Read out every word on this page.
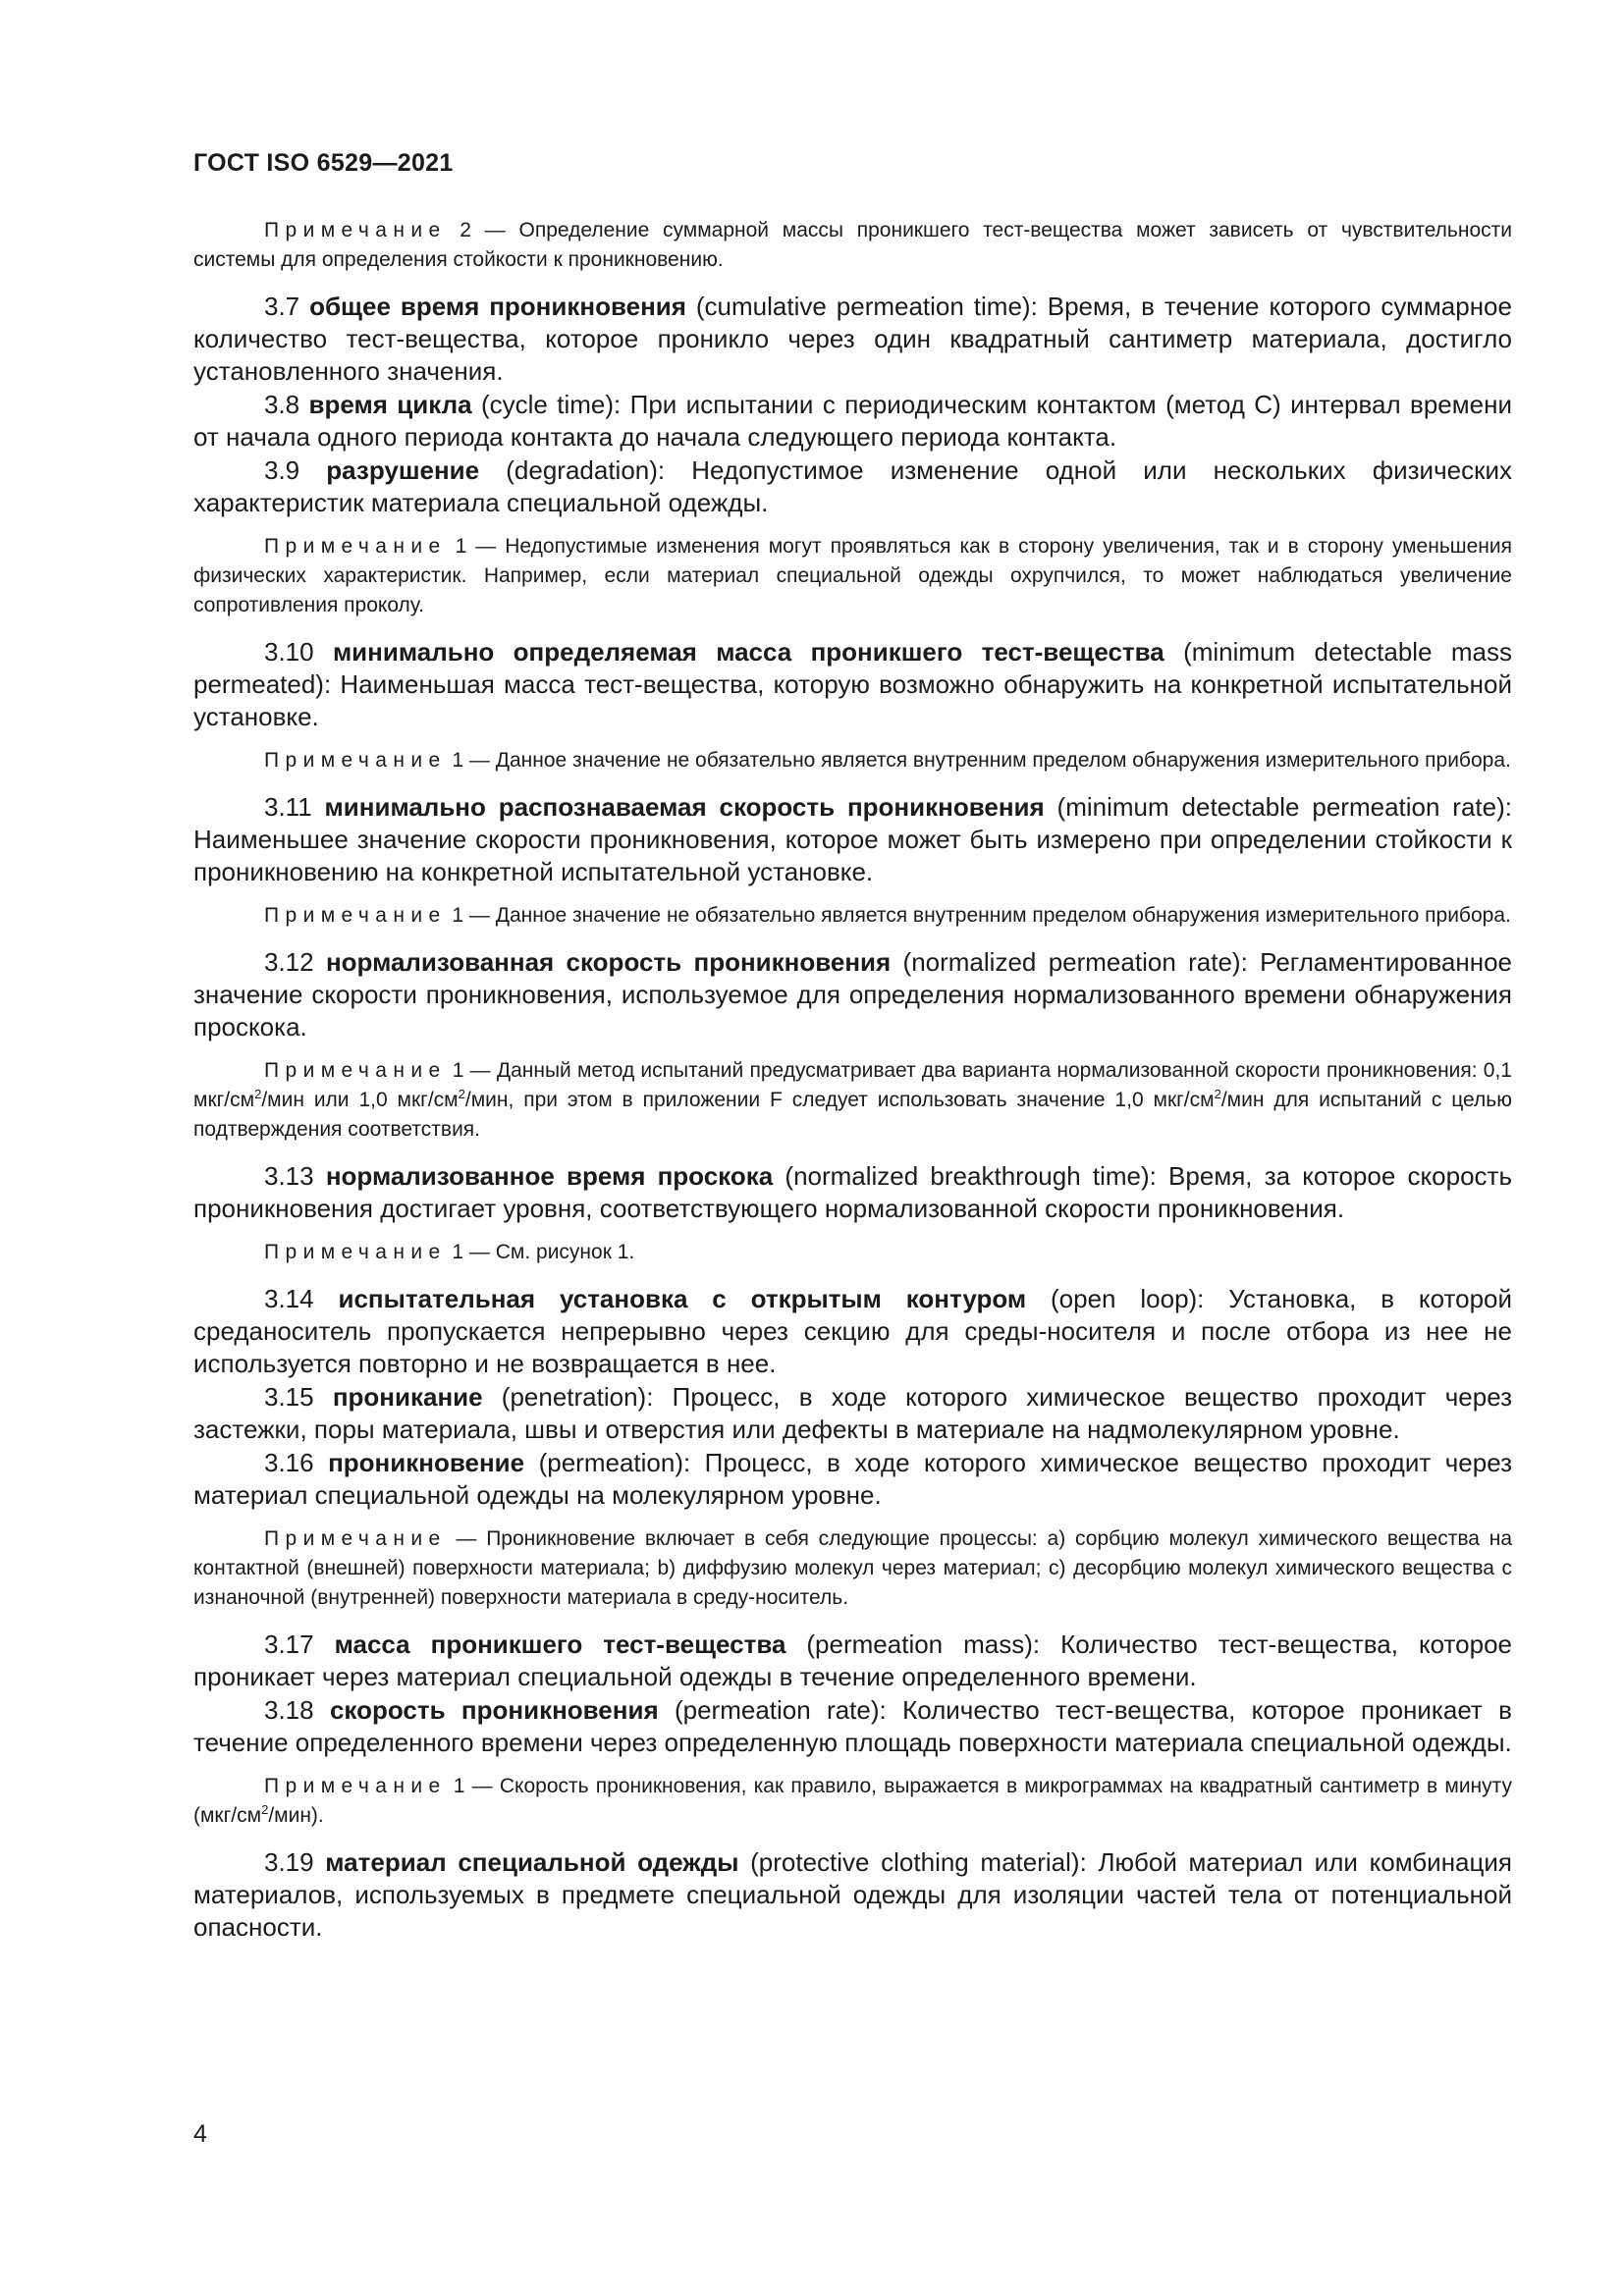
ГОСТ ISO 6529—2021

Примечание 2 — Определение суммарной массы проникшего тест-вещества может зависеть от чувствительности системы для определения стойкости к проникновению.

3.7 общее время проникновения (cumulative permeation time): Время, в течение которого суммарное количество тест-вещества, которое проникло через один квадратный сантиметр материала, достигло установленного значения.

3.8 время цикла (cycle time): При испытании с периодическим контактом (метод С) интервал времени от начала одного периода контакта до начала следующего периода контакта.

3.9 разрушение (degradation): Недопустимое изменение одной или нескольких физических характеристик материала специальной одежды.

Примечание 1 — Недопустимые изменения могут проявляться как в сторону увеличения, так и в сторону уменьшения физических характеристик. Например, если материал специальной одежды охрупчился, то может наблюдаться увеличение сопротивления проколу.

3.10 минимально определяемая масса проникшего тест-вещества (minimum detectable mass permeated): Наименьшая масса тест-вещества, которую возможно обнаружить на конкретной испытательной установке.

Примечание 1 — Данное значение не обязательно является внутренним пределом обнаружения измерительного прибора.

3.11 минимально распознаваемая скорость проникновения (minimum detectable permeation rate): Наименьшее значение скорости проникновения, которое может быть измерено при определении стойкости к проникновению на конкретной испытательной установке.

Примечание 1 — Данное значение не обязательно является внутренним пределом обнаружения измерительного прибора.

3.12 нормализованная скорость проникновения (normalized permeation rate): Регламентированное значение скорости проникновения, используемое для определения нормализованного времени обнаружения проскока.

Примечание 1 — Данный метод испытаний предусматривает два варианта нормализованной скорости проникновения: 0,1 мкг/$см^2$/мин или 1,0 мкг/$см^2$/мин, при этом в приложении F следует использовать значение 1,0 мкг/$см^2$/мин для испытаний с целью подтверждения соответствия.

3.13 нормализованное время проскока (normalized breakthrough time): Время, за которое скорость проникновения достигает уровня, соответствующего нормализованной скорости проникновения.

Примечание 1 — См. рисунок 1.

3.14 испытательная установка с открытым контуром (open loop): Установка, в которой среданоситель пропускается непрерывно через секцию для среды-носителя и после отбора из нее не используется повторно и не возвращается в нее.

3.15 проникание (penetration): Процесс, в ходе которого химическое вещество проходит через застежки, поры материала, швы и отверстия или дефекты в материале на надмолекулярном уровне.

3.16 проникновение (permeation): Процесс, в ходе которого химическое вещество проходит через материал специальной одежды на молекулярном уровне.

Примечание — Проникновение включает в себя следующие процессы: a) сорбцию молекул химического вещества на контактной (внешней) поверхности материала; b) диффузию молекул через материал; c) десорбцию молекул химического вещества с изнаночной (внутренней) поверхности материала в среду-носитель.

3.17 масса проникшего тест-вещества (permeation mass): Количество тест-вещества, которое проникает через материал специальной одежды в течение определенного времени.

3.18 скорость проникновения (permeation rate): Количество тест-вещества, которое проникает в течение определенного времени через определенную площадь поверхности материала специальной одежды.

Примечание 1 — Скорость проникновения, как правило, выражается в микрограммах на квадратный сантиметр в минуту $(мкг/см^2/мин)$.

3.19 материал специальной одежды (protective clothing material): Любой материал или комбинация материалов, используемых в предмете специальной одежды для изоляции частей тела от потенциальной опасности.

4
